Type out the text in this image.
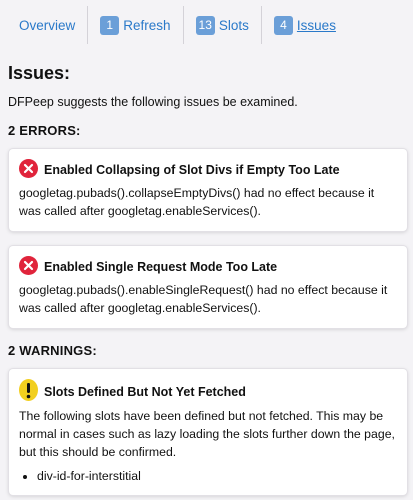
Overview	1 Refresh 13 Slots	4 Issues
Issues:

DFPeep suggests the following issues be examined.

2 ERRORS:

Enabled Collapsing of Slot Divs if Empty Too Late

googletag.pubads().collapseEmptyDivs() had no effect because it was called after googletag.enableServices().

Enabled Single Request Mode Too Late

googletag.pubads().enableSingleRequest() had no effect because it was called after googletag.enableServices().

2 WARNINGS:

Slots Defined But Not Yet Fetched

The following slots have been defined but not fetched. This may be normal in cases such as lazy loading the slots further down the page, but this should be confirmed.

• div-id-for-interstitial
